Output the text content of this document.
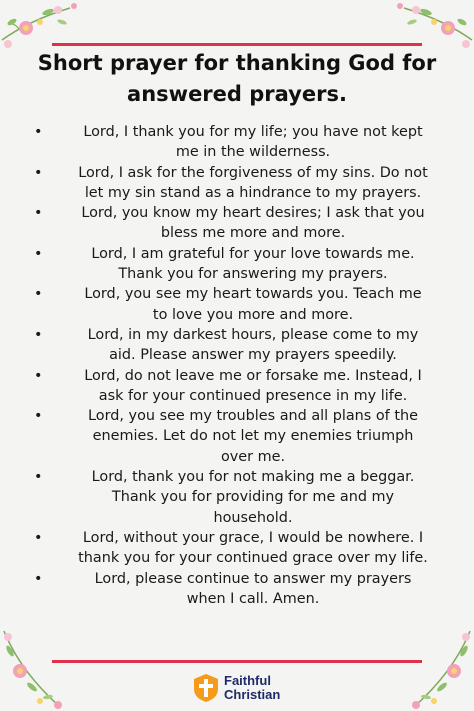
Short prayer for thanking God for
answered prayers.
•	Lord, I thank you for my life; you have not kept
me in the wilderness.
• Lord, I ask for the forgiveness of my sins. Do not
let my sin stand as a hindrance to my prayers.
•	Lord, you know my heart desires; I ask that you
bless me more and more.
•	Lord, I am grateful for your love towards me.
Thank you for answering my prayers.
•	Lord, you see my heart towards you. Teach me
to love you more and more.
•	Lord, in my darkest hours, please come to my
aid. Please answer my prayers speedily.
•	Lord, do not leave me or forsake me. Instead, I
ask for your continued presence in my life.
•	Lord, you see my troubles and all plans of the
enemies. Let do not let my enemies triumph
over me.
•	Lord, thank you for not making me a beggar.
Thank you for providing for me and my
household.
•	Lord, without your grace, I would be nowhere. I
thank you for your continued grace over my life.
•	Lord, please continue to answer my prayers
when I call. Amen.
Faithful
Christian
